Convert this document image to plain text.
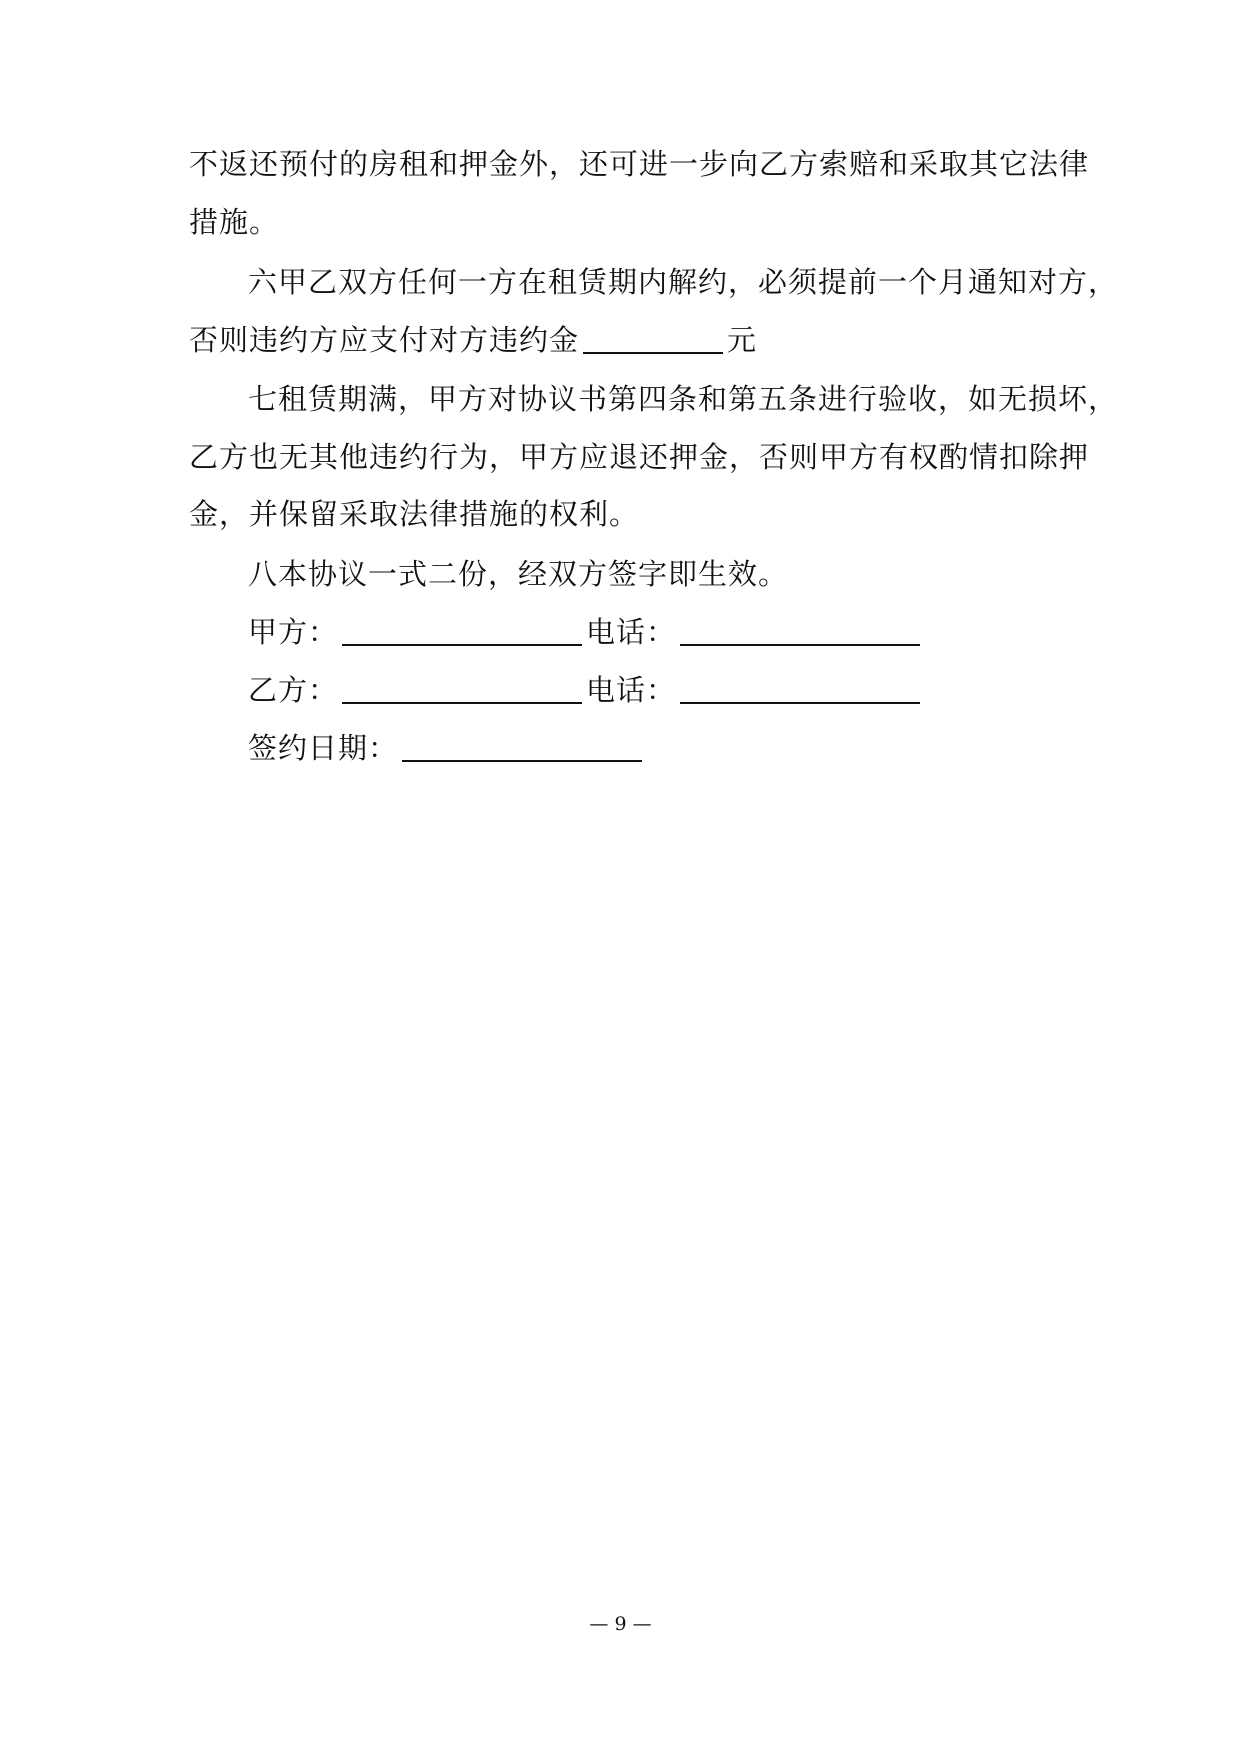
不返还预付的房租和押金外，还可进一步向乙方索赔和采取其它法律
措施。
六甲乙双方任何一方在租赁期内解约，必须提前一个月通知对方，
否则违约方应支付对方违约金	元
七租赁期满，甲方对协议书第四条和第五条进行验收，如无损坏，
乙方也无其他违约行为，甲方应退还押金，否则甲方有权酌情扣除押
金，并保留采取法律措施的权利。
八本协议一式二份，经双方签字即生效。
甲方：	电话：
乙方：	电话：
签约日期：
— 9 —
